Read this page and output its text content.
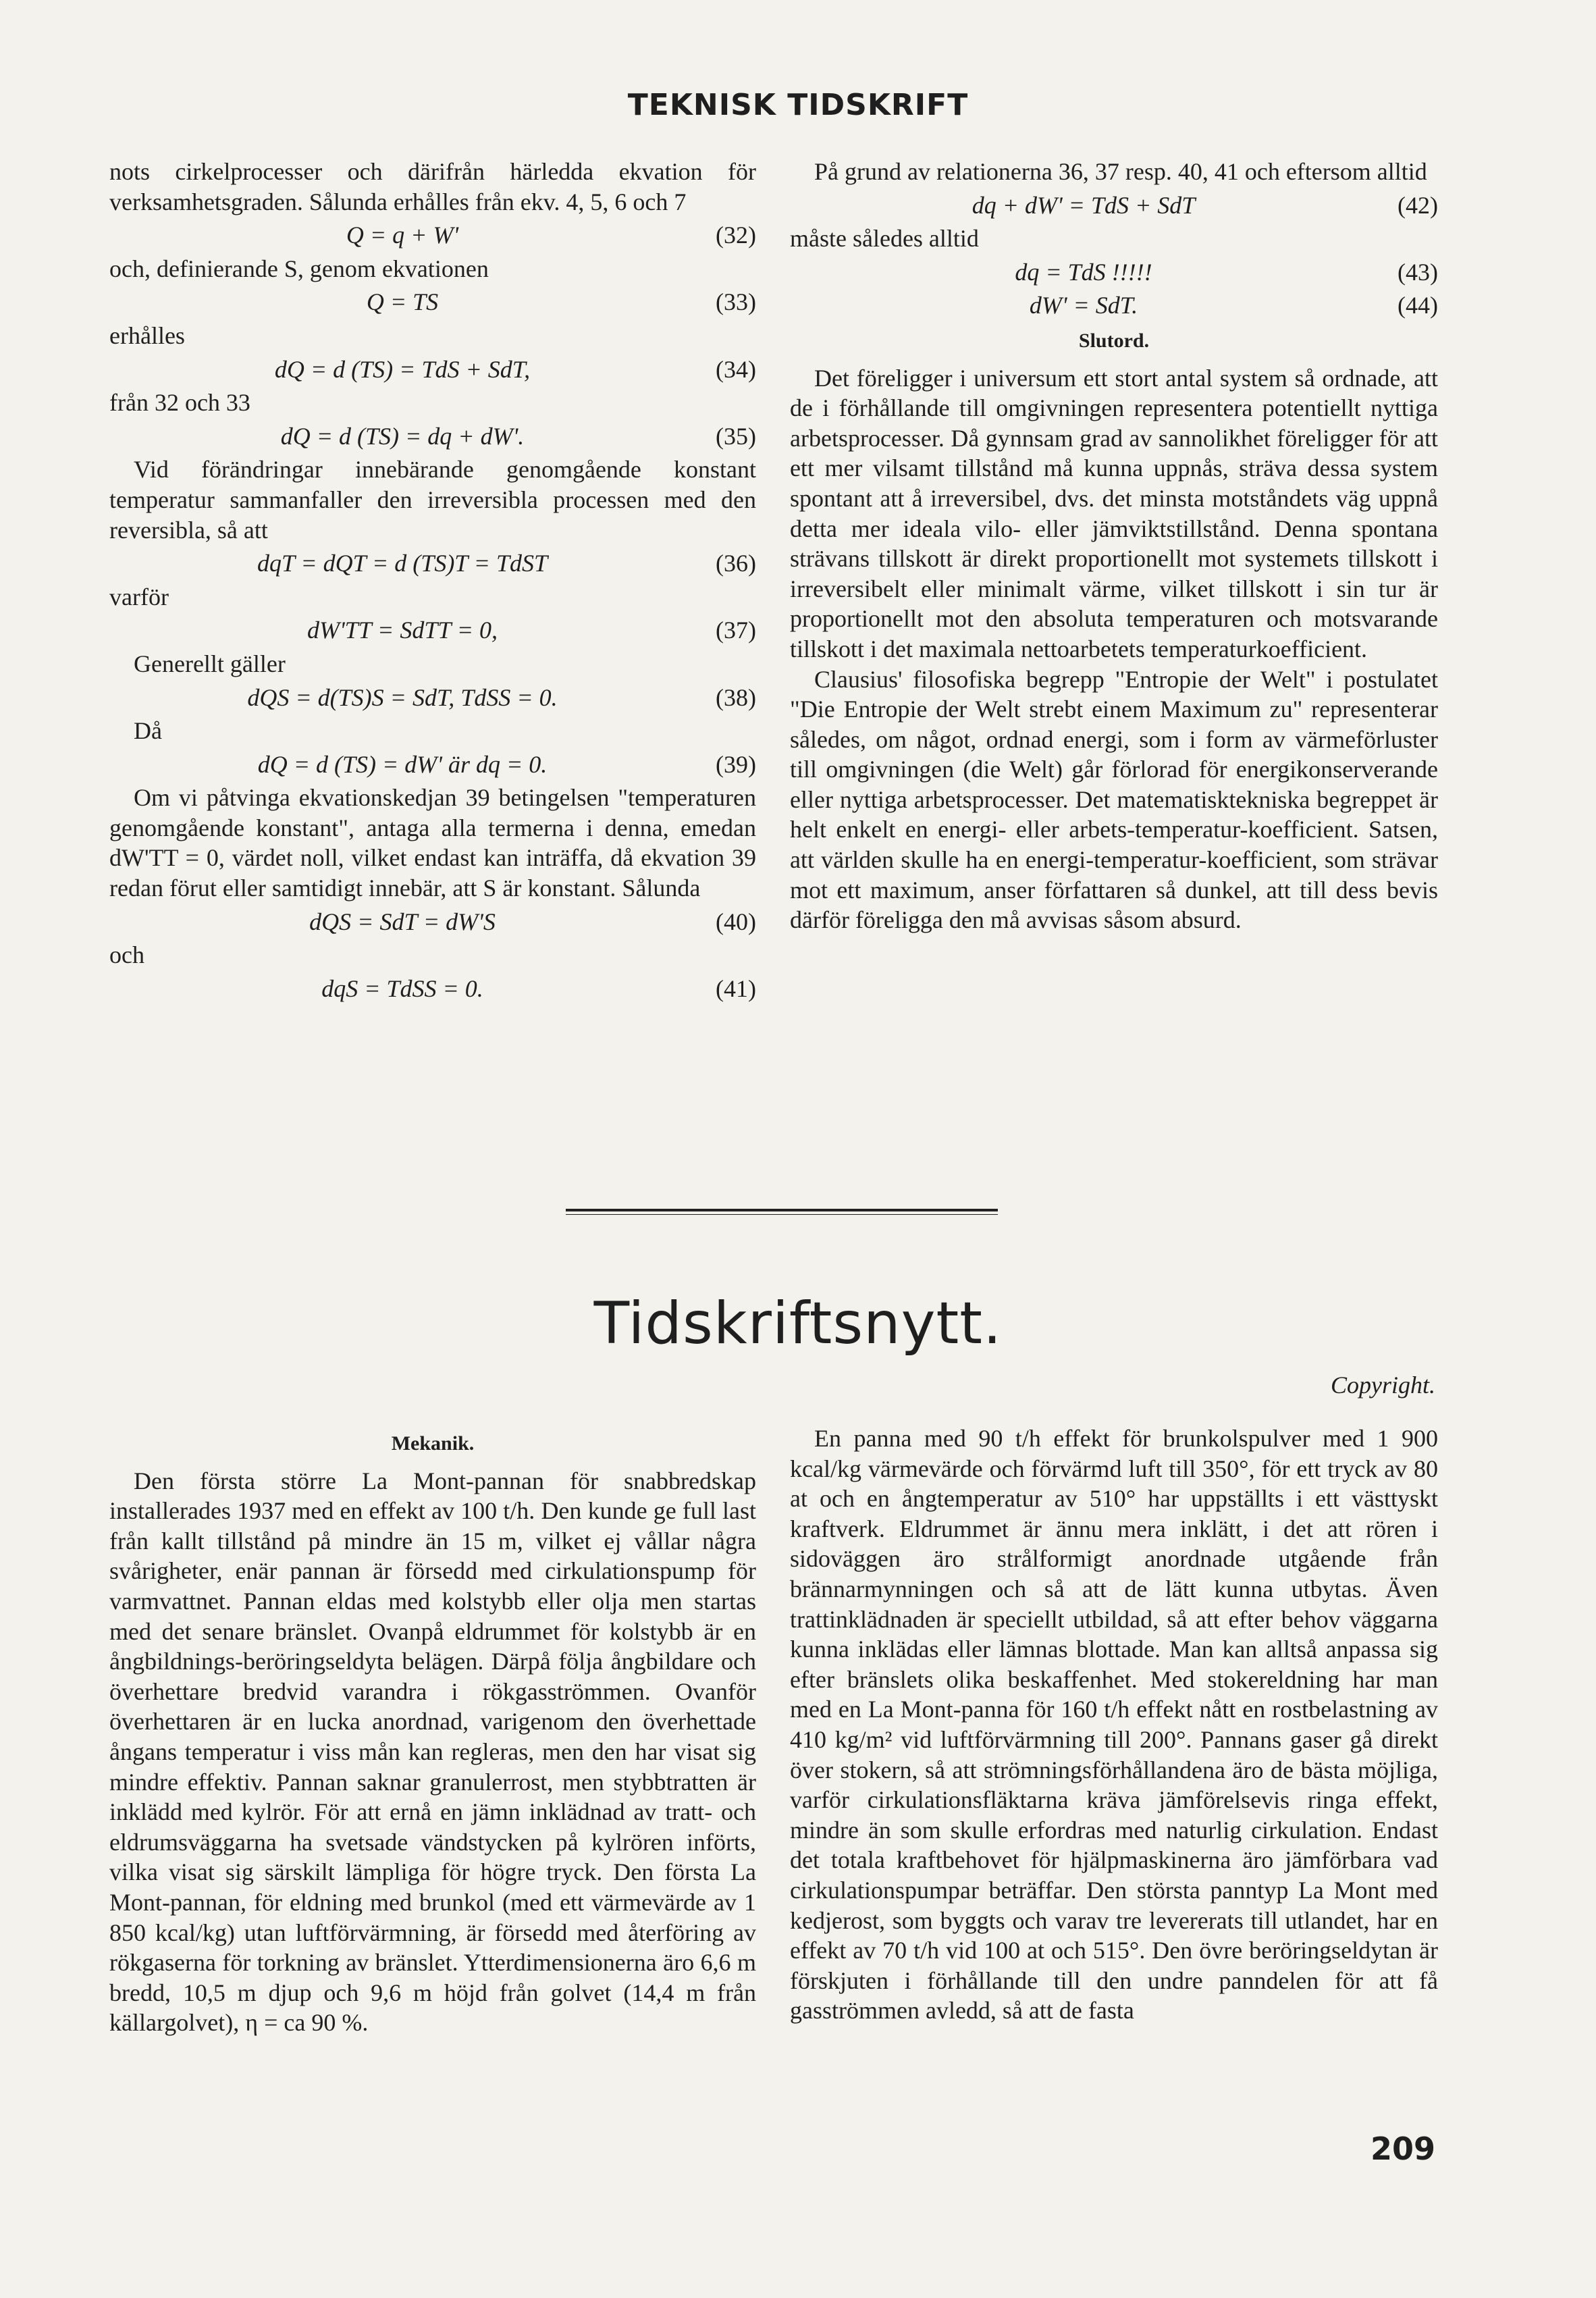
TEKNISK TIDSKRIFT

nots cirkelprocesser och därifrån härledda ekvation för verksamhetsgraden. Sålunda erhålles från ekv. 4, 5, 6 och 7

Q = q + W'	(32)

och, definierande S, genom ekvationen

Q = TS	(33)

erhålles

dQ = d (TS) = TdS + SdT,	(34)

från 32 och 33

dQ = d (TS) = dq + dW'.	(35)

Vid förändringar innebärande genomgående konstant temperatur sammanfaller den irreversibla processen med den reversibla, så att

dqT = dQT = d (TS)T = TdST	(36)

varför

dW'TT = SdTT = 0,	(37)

Generellt gäller

dQS = d(TS)S = SdT, TdSS = 0.	(38)

Då

dQ = d (TS) = dW' är dq = 0.	(39)

Om vi påtvinga ekvationskedjan 39 betingelsen "temperaturen genomgående konstant", antaga alla termerna i denna, emedan dW'TT = 0, värdet noll, vilket endast kan inträffa, då ekvation 39 redan förut eller samtidigt innebär, att S är konstant. Sålunda

dQS = SdT = dW'S	(40)

och

dqS = TdSS = 0.	(41)

På grund av relationerna 36, 37 resp. 40, 41 och eftersom alltid

dq + dW' = TdS + SdT	(42)

måste således alltid

dq = TdS !!!!!	(43)
dW' = SdT.	(44)
Slutord.

Det föreligger i universum ett stort antal system så ordnade, att de i förhållande till omgivningen representera potentiellt nyttiga arbetsprocesser. Då gynnsam grad av sannolikhet föreligger för att ett mer vilsamt tillstånd må kunna uppnås, sträva dessa system spontant att å irreversibel, dvs. det minsta motståndets väg uppnå detta mer ideala vilo- eller jämviktstillstånd. Denna spontana strävans tillskott är direkt proportionellt mot systemets tillskott i irreversibelt eller minimalt värme, vilket tillskott i sin tur är proportionellt mot den absoluta temperaturen och motsvarande tillskott i det maximala nettoarbetets temperaturkoefficient.

Clausius' filosofiska begrepp "Entropie der Welt" i postulatet "Die Entropie der Welt strebt einem Maximum zu" representerar således, om något, ordnad energi, som i form av värmeförluster till omgivningen (die Welt) går förlorad för energikonserverande eller nyttiga arbetsprocesser. Det matematisktekniska begreppet är helt enkelt en energi- eller arbets-temperatur-koefficient. Satsen, att världen skulle ha en energi-temperatur-koefficient, som strävar mot ett maximum, anser författaren så dunkel, att till dess bevis därför föreligga den må avvisas såsom absurd.

Tidskriftsnytt.
Copyright.
Mekanik.

Den första större La Mont-pannan för snabbredskap installerades 1937 med en effekt av 100 t/h. Den kunde ge full last från kallt tillstånd på mindre än 15 m, vilket ej vållar några svårigheter, enär pannan är försedd med cirkulationspump för varmvattnet. Pannan eldas med kolstybb eller olja men startas med det senare bränslet. Ovanpå eldrummet för kolstybb är en ångbildnings-beröringseldyta belägen. Därpå följa ångbildare och överhettare bredvid varandra i rökgasströmmen. Ovanför överhettaren är en lucka anordnad, varigenom den överhettade ångans temperatur i viss mån kan regleras, men den har visat sig mindre effektiv. Pannan saknar granulerrost, men stybbtratten är inklädd med kylrör. För att ernå en jämn inklädnad av tratt- och eldrumsväggarna ha svetsade vändstycken på kylrören införts, vilka visat sig särskilt lämpliga för högre tryck. Den första La Mont-pannan, för eldning med brunkol (med ett värmevärde av 1 850 kcal/kg) utan luftförvärmning, är försedd med återföring av rökgaserna för torkning av bränslet. Ytterdimensionerna äro 6,6 m bredd, 10,5 m djup och 9,6 m höjd från golvet (14,4 m från källargolvet), η = ca 90 %.

En panna med 90 t/h effekt för brunkolspulver med 1 900 kcal/kg värmevärde och förvärmd luft till 350°, för ett tryck av 80 at och en ångtemperatur av 510° har uppställts i ett västtyskt kraftverk. Eldrummet är ännu mera inklätt, i det att rören i sidoväggen äro strålformigt anordnade utgående från brännarmynningen och så att de lätt kunna utbytas. Även trattinklädnaden är speciellt utbildad, så att efter behov väggarna kunna inklädas eller lämnas blottade. Man kan alltså anpassa sig efter bränslets olika beskaffenhet. Med stokereldning har man med en La Mont-panna för 160 t/h effekt nått en rostbelastning av 410 kg/m² vid luftförvärmning till 200°. Pannans gaser gå direkt över stokern, så att strömningsförhållandena äro de bästa möjliga, varför cirkulationsfläktarna kräva jämförelsevis ringa effekt, mindre än som skulle erfordras med naturlig cirkulation. Endast det totala kraftbehovet för hjälpmaskinerna äro jämförbara vad cirkulationspumpar beträffar. Den största panntyp La Mont med kedjerost, som byggts och varav tre levererats till utlandet, har en effekt av 70 t/h vid 100 at och 515°. Den övre beröringseldytan är förskjuten i förhållande till den undre panndelen för att få gasströmmen avledd, så att de fasta

209
